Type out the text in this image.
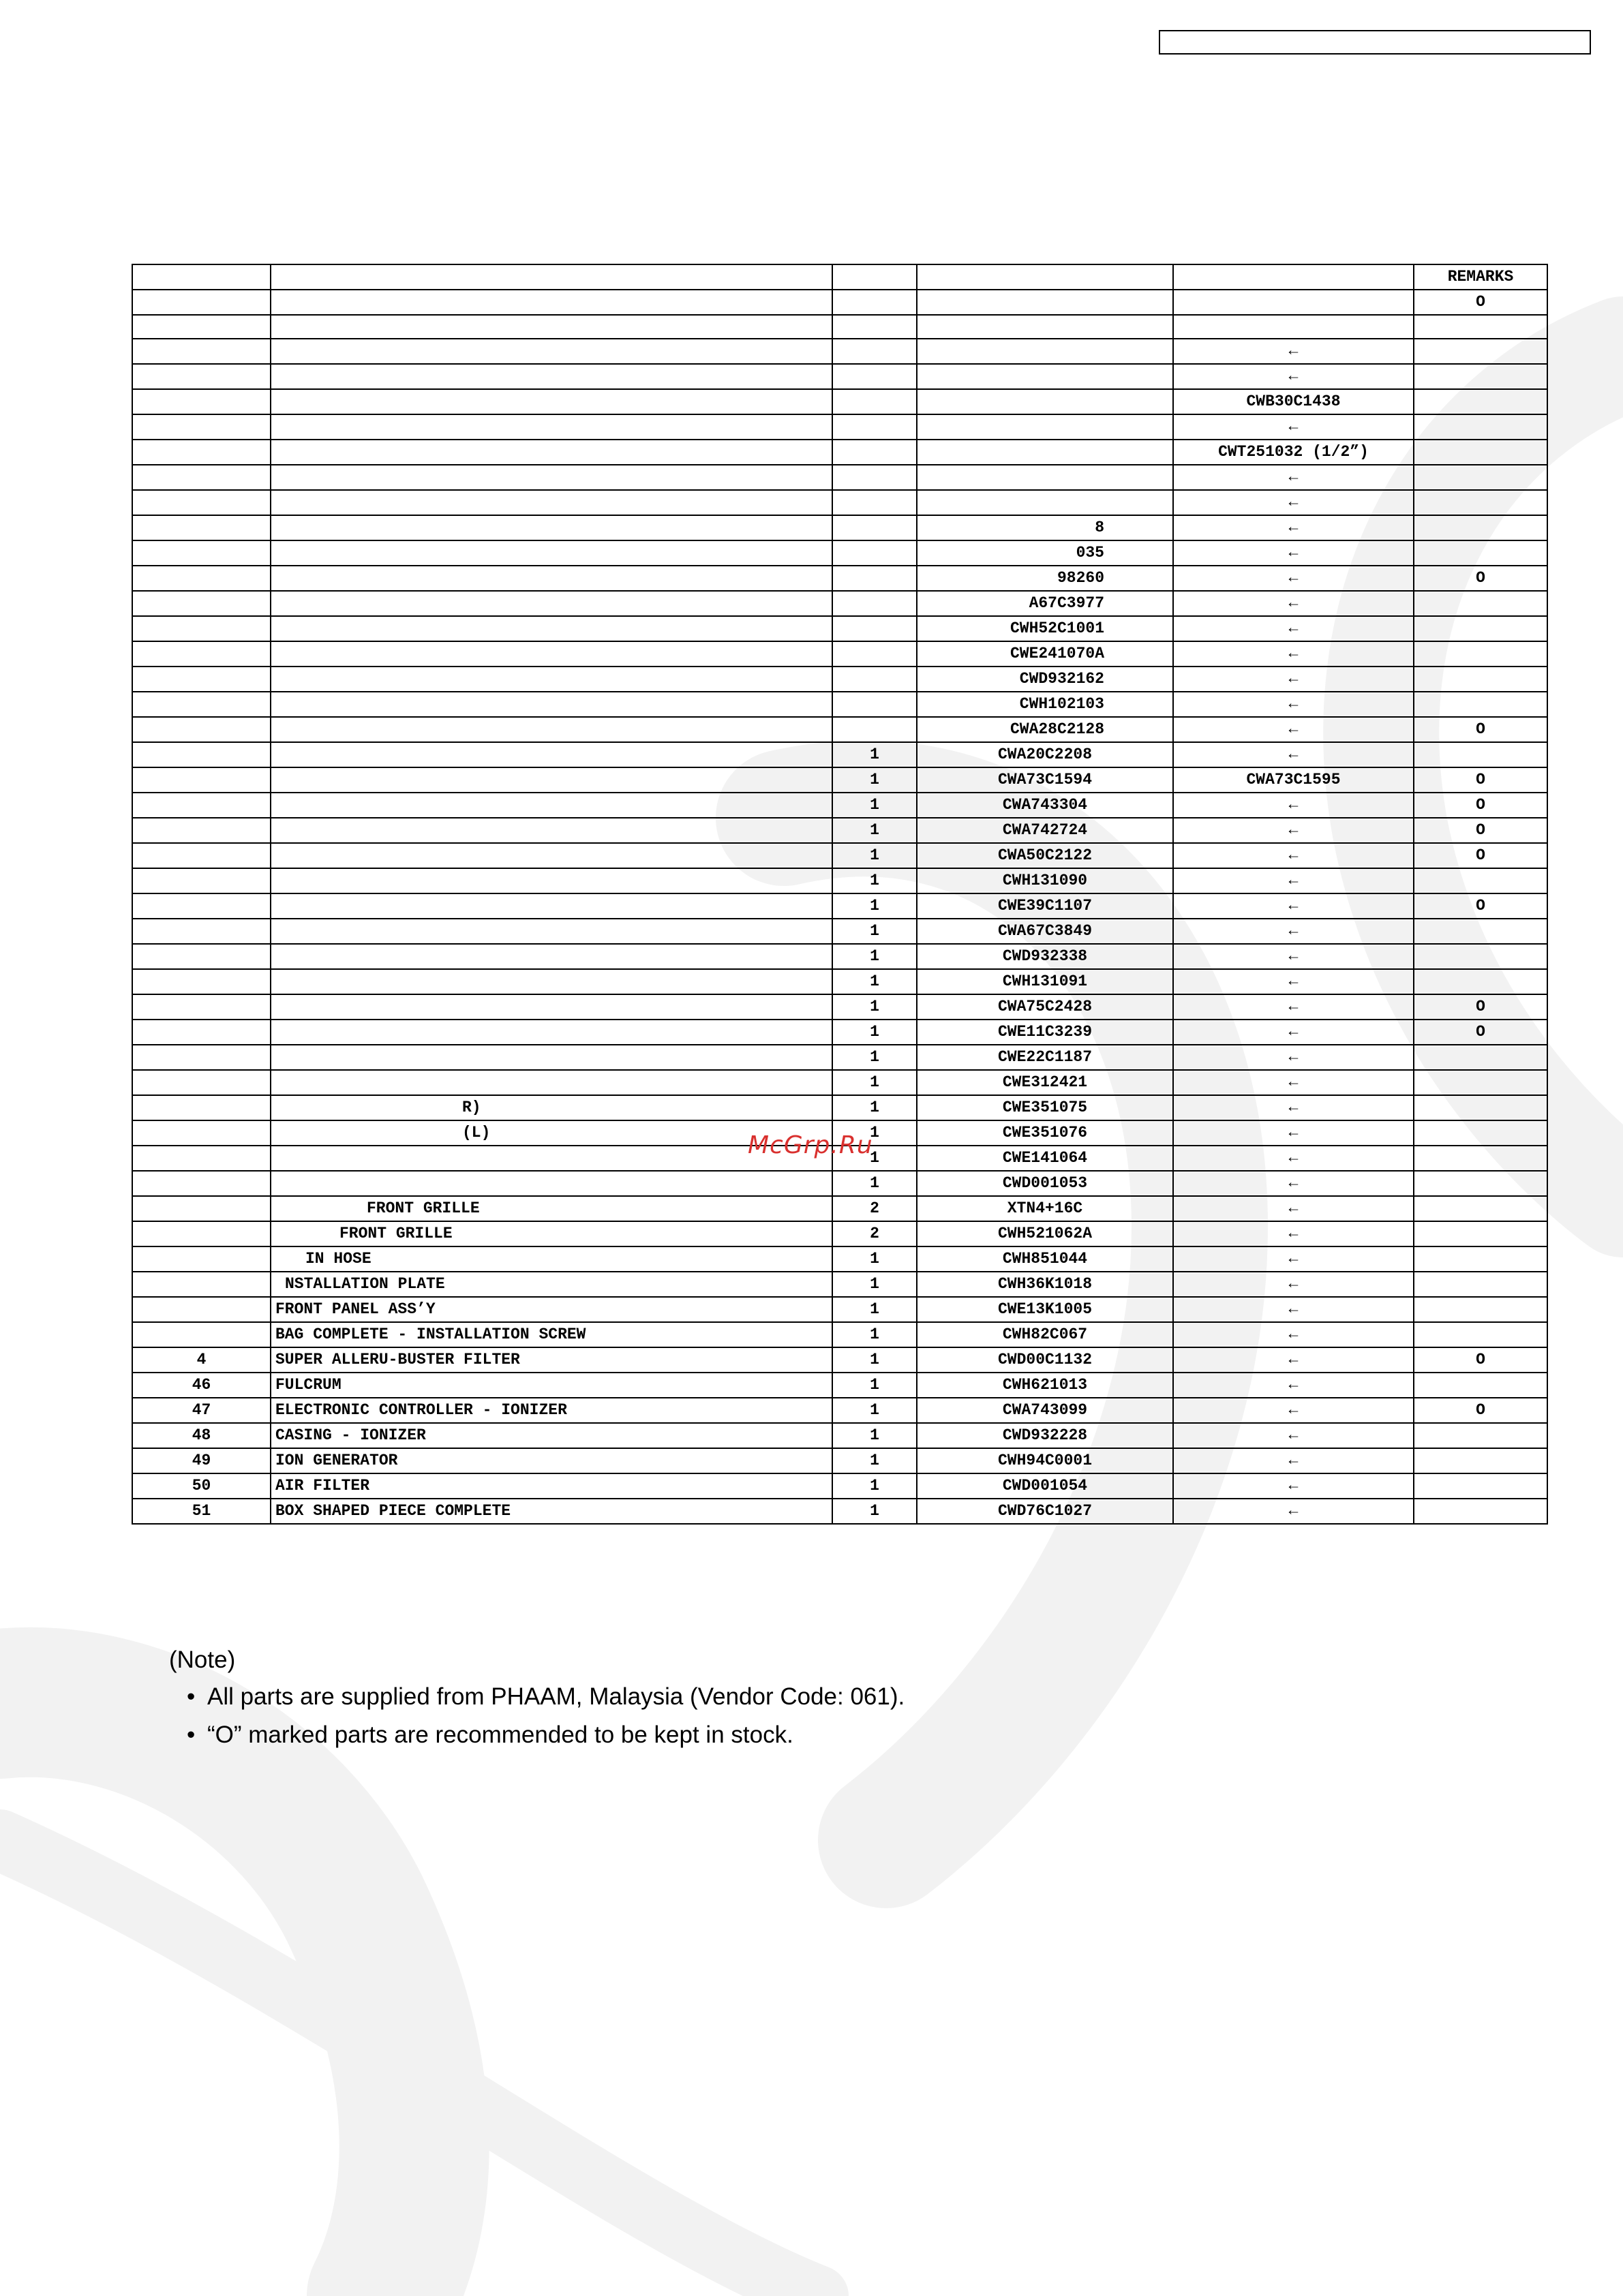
					REMARKS
					O

				←	
				←	
				CWB30C1438	
				←	
				CWT251032 (1/2”)	
				←	
				←	
			8	←	
			035	←	
			98260	←	O
			A67C3977	←	
			CWH52C1001	←	
			CWE241070A	←	
			CWD932162	←	
			CWH102103	←	
			CWA28C2128	←	O
		1	CWA20C2208	←	
		1	CWA73C1594	CWA73C1595	O
		1	CWA743304	←	O
		1	CWA742724	←	O
		1	CWA50C2122	←	O
		1	CWH131090	←	
		1	CWE39C1107	←	O
		1	CWA67C3849	←	
		1	CWD932338	←	
		1	CWH131091	←	
		1	CWA75C2428	←	O
		1	CWE11C3239	←	O
		1	CWE22C1187	←	
		1	CWE312421	←	
	R)	1	CWE351075	←	
	(L)	1	CWE351076	←	
		1	CWE141064	←	
		1	CWD001053	←	
	FRONT GRILLE	2	XTN4+16C	←	
	FRONT GRILLE	2	CWH521062A	←	
	IN HOSE	1	CWH851044	←	
	NSTALLATION PLATE	1	CWH36K1018	←	
	FRONT PANEL ASS’Y	1	CWE13K1005	←	
	BAG COMPLETE - INSTALLATION SCREW	1	CWH82C067	←	
4	SUPER ALLERU-BUSTER FILTER	1	CWD00C1132	←	O
46	FULCRUM	1	CWH621013	←	
47	ELECTRONIC CONTROLLER - IONIZER	1	CWA743099	←	O
48	CASING - IONIZER	1	CWD932228	←	
49	ION GENERATOR	1	CWH94C0001	←	
50	AIR FILTER	1	CWD001054	←	
51	BOX SHAPED PIECE COMPLETE	1	CWD76C1027	←	
McGrp.Ru
(Note)
• All parts are supplied from PHAAM, Malaysia (Vendor Code: 061).
• “O” marked parts are recommended to be kept in stock.
